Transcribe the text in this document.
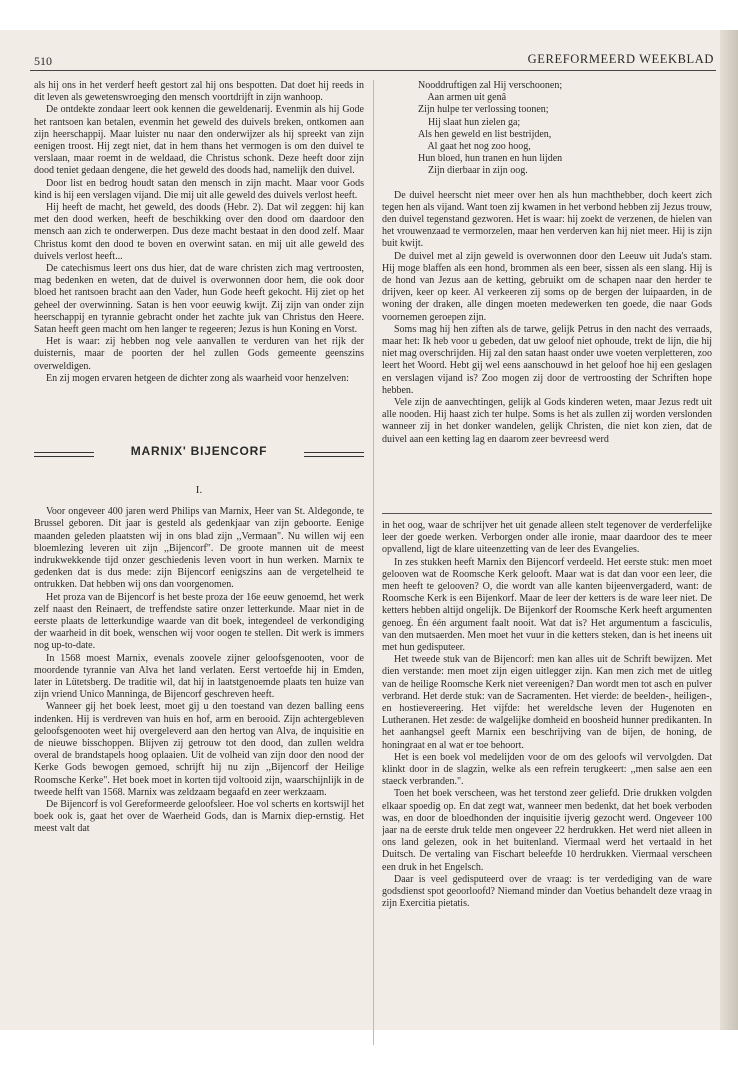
510	GEREFORMEERD WEEKBLAD

als hij ons in het verderf heeft gestort zal hij ons bespotten. Dat doet hij reeds in dit leven als gewetenswroeging den mensch voortdrijft in zijn wanhoop.

De ontdekte zondaar leert ook kennen die geweldenarij. Evenmin als hij Gode het rantsoen kan betalen, evenmin het geweld des duivels breken, ontkomen aan zijn heerschappij. Maar luister nu naar den onderwijzer als hij spreekt van zijn eenigen troost. Hij zegt niet, dat in hem thans het vermogen is om den duivel te verslaan, maar roemt in de weldaad, die Christus schonk. Deze heeft door zijn dood teniet gedaan dengene, die het geweld des doods had, namelijk den duivel.

Door list en bedrog houdt satan den mensch in zijn macht. Maar voor Gods kind is hij een verslagen vijand. Die mij uit alle geweld des duivels verlost heeft.

Hij heeft de macht, het geweld, des doods (Hebr. 2). Dat wil zeggen: hij kan met den dood werken, heeft de beschikking over den dood om daardoor den mensch aan zich te onderwerpen. Dus deze macht bestaat in den dood zelf. Maar Christus komt den dood te boven en overwint satan. en mij uit alle geweld des duivels verlost heeft...

De catechismus leert ons dus hier, dat de ware christen zich mag vertroosten, mag bedenken en weten, dat de duivel is overwonnen door hem, die ook door bloed het rantsoen bracht aan den Vader, hun Gode heeft gekocht. Hij ziet op het geheel der overwinning. Satan is hen voor eeuwig kwijt. Zij zijn van onder zijn heerschappij en tyrannie gebracht onder het zachte juk van Christus den Heere. Satan heeft geen macht om hen langer te regeeren; Jezus is hun Koning en Vorst.

Het is waar: zij hebben nog vele aanvallen te verduren van het rijk der duisternis, maar de poorten der hel zullen Gods gemeente geenszins overweldigen.

En zij mogen ervaren hetgeen de dichter zong als waarheid voor henzelven:

Nooddruftigen zal Hij verschoonen;
Aan armen uit genâ
Zijn hulpe ter verlossing toonen;
Hij slaat hun zielen ga;
Als hen geweld en list bestrijden,
Al gaat het nog zoo hoog,
Hun bloed, hun tranen en hun lijden
Zijn dierbaar in zijn oog.

De duivel heerscht niet meer over hen als hun machthebber, doch keert zich tegen hen als vijand. Want toen zij kwamen in het verbond hebben zij Jezus trouw, den duivel tegenstand gezworen. Het is waar: hij zoekt de verzenen, de hielen van het vrouwenzaad te vermorzelen, maar hen verderven kan hij niet meer. Hij is zijn buit kwijt.

De duivel met al zijn geweld is overwonnen door den Leeuw uit Juda's stam. Hij moge blaffen als een hond, brommen als een beer, sissen als een slang. Hij is de hond van Jezus aan de ketting, gebruikt om de schapen naar den herder te drijven, keer op keer. Al verkeeren zij soms op de bergen der luipaarden, in de woning der draken, alle dingen moeten medewerken ten goede, die naar Gods voornemen geroepen zijn.

Soms mag hij hen ziften als de tarwe, gelijk Petrus in den nacht des verraads, maar het: Ik heb voor u gebeden, dat uw geloof niet ophoude, trekt de lijn, die hij niet mag overschrijden. Hij zal den satan haast onder uwe voeten verpletteren, zoo leert het Woord. Hebt gij wel eens aanschouwd in het geloof hoe hij een geslagen en verslagen vijand is? Zoo mogen zij door de vertroosting der Schriften hope hebben.

Vele zijn de aanvechtingen, gelijk al Gods kinderen weten, maar Jezus redt uit alle nooden. Hij haast zich ter hulpe. Soms is het als zullen zij worden verslonden wanneer zij in het donker wandelen, gelijk Christen, die niet kon zien, dat de duivel aan een ketting lag en daarom zeer bevreesd werd

MARNIX' BIJENCORF
I.

Voor ongeveer 400 jaren werd Philips van Marnix, Heer van St. Aldegonde, te Brussel geboren. Dit jaar is gesteld als gedenkjaar van zijn geboorte. Eenige maanden geleden plaatsten wij in ons blad zijn ,,Vermaan". Nu willen wij een bloemlezing leveren uit zijn ,,Bijencorf". De groote mannen uit de meest indrukwekkende tijd onzer geschiedenis leven voort in hun werken. Marnix te gedenken dat is dus mede: zijn Bijencorf eenigszins aan de vergetelheid te ontrukken. Dat hebben wij ons dan voorgenomen.

Het proza van de Bijencorf is het beste proza der 16e eeuw genoemd, het werk zelf naast den Reinaert, de treffendste satire onzer letterkunde. Maar niet in de eerste plaats de letterkundige waarde van dit boek, integendeel de verkondiging der waarheid in dit boek, wenschen wij voor oogen te stellen. Dit werk is immers nog up-to-date.

In 1568 moest Marnix, evenals zoovele zijner geloofsgenooten, voor de moordende tyrannie van Alva het land verlaten. Eerst vertoefde hij in Emden, later in Lütetsberg. De traditie wil, dat hij in laatstgenoemde plaats ten huize van zijn vriend Unico Manninga, de Bijencorf geschreven heeft.

Wanneer gij het boek leest, moet gij u den toestand van dezen balling eens indenken. Hij is verdreven van huis en hof, arm en berooid. Zijn achtergebleven geloofsgenooten weet hij overgeleverd aan den hertog van Alva, de inquisitie en de nieuwe bisschoppen. Blijven zij getrouw tot den dood, dan zullen weldra overal de brandstapels hoog oplaaien. Uit de volheid van zijn door den nood der Kerke Gods bewogen gemoed, schrijft hij nu zijn ,,Bijencorf der Heilige Roomsche Kerke". Het boek moet in korten tijd voltooid zijn, waarschijnlijk in de tweede helft van 1568. Marnix was zeldzaam begaafd en zeer werkzaam.

De Bijencorf is vol Gereformeerde geloofsleer. Hoe vol scherts en kortswijl het boek ook is, gaat het over de Waerheid Gods, dan is Marnix diep-ernstig. Het meest valt dat

in het oog, waar de schrijver het uit genade alleen stelt tegenover de verderfelijke leer der goede werken. Verborgen onder alle ironie, maar daardoor des te meer opvallend, ligt de klare uiteenzetting van de leer des Evangelies.

In zes stukken heeft Marnix den Bijencorf verdeeld. Het eerste stuk: men moet gelooven wat de Roomsche Kerk gelooft. Maar wat is dat dan voor een leer, die men heeft te gelooven? O, die wordt van alle kanten bijeenvergaderd, want: de Roomsche Kerk is een Bijenkorf. Maar de leer der ketters is de ware leer niet. De ketters hebben altijd ongelijk. De Bijenkorf der Roomsche Kerk heeft argumenten genoeg. Én één argument faalt nooit. Wat dat is? Het argumentum a fasciculis, van den mutsaerden. Men moet het vuur in die ketters steken, dan is het ineens uit met hun gedisputeer.

Het tweede stuk van de Bijencorf: men kan alles uit de Schrift bewijzen. Met dien verstande: men moet zijn eigen uitlegger zijn. Kan men zich met de uitleg van de heilige Roomsche Kerk niet vereenigen? Dan wordt men tot asch en pulver verbrand. Het derde stuk: van de Sacramenten. Het vierde: de beelden-, heiligen-, en hostievereering. Het vijfde: het wereldsche leven der Hugenoten en Lutheranen. Het zesde: de walgelijke domheid en boosheid hunner predikanten. In het aanhangsel geeft Marnix een beschrijving van de bijen, de honing, de honingraat en al wat er toe behoort.

Het is een boek vol medelijden voor de om des geloofs wil vervolgden. Dat klinkt door in de slagzin, welke als een refrein terugkeert: ,,men salse aen een staeck verbranden.".

Toen het boek verscheen, was het terstond zeer geliefd. Drie drukken volgden elkaar spoedig op. En dat zegt wat, wanneer men bedenkt, dat het boek verboden was, en door de bloedhonden der inquisitie ijverig gezocht werd. Ongeveer 100 jaar na de eerste druk telde men ongeveer 22 herdrukken. Het werd niet alleen in ons land gelezen, ook in het buitenland. Viermaal werd het vertaald in het Duitsch. De vertaling van Fischart beleefde 10 herdrukken. Viermaal verscheen een druk in het Engelsch.

Daar is veel gedisputeerd over de vraag: is ter verdediging van de ware godsdienst spot geoorloofd? Niemand minder dan Voetius behandelt deze vraag in zijn Exercitia pietatis.
